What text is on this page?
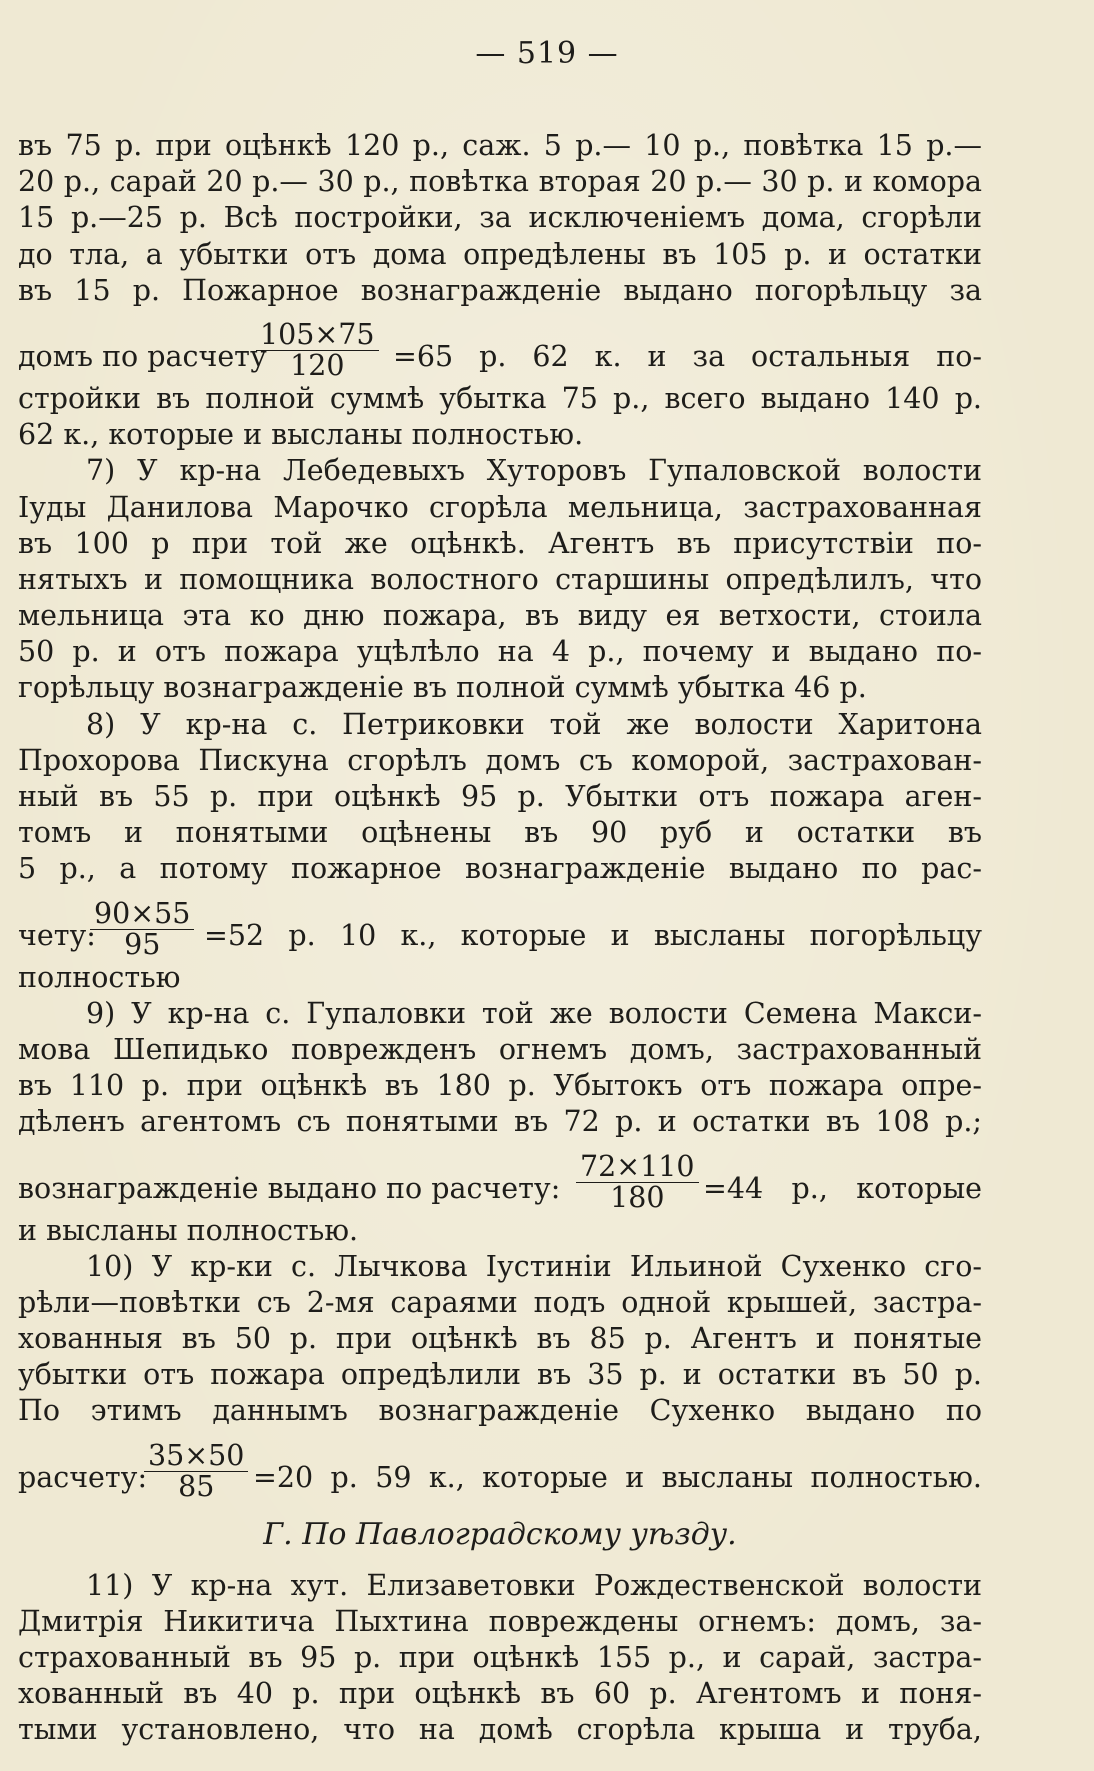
— 519 —
въ 75 р. при оцѣнкѣ 120 р., саж. 5 р.— 10 р., повѣтка 15 р.—
20 р., сарай 20 р.— 30 р., повѣтка вторая 20 р.— 30 р. и комора
15 р.—25 р. Всѣ постройки, за исключеніемъ дома, сгорѣли
до тла, а убытки отъ дома опредѣлены въ 105 р. и остатки
въ 15 р. Пожарное вознагражденіе выдано погорѣльцу за
домъ по расчету
$\frac{105\times 75}{120} =65$ р. 62 к. и за остальныя по-
стройки въ полной суммѣ убытка 75 р., всего выдано 140 р.
62 к., которые и высланы полностью.
7) У кр-на Лебедевыхъ Хуторовъ Гупаловской волости
Іуды Данилова Марочко сгорѣла мельница, застрахованная
въ 100 р при той же оцѣнкѣ. Агентъ въ присутствіи по-
нятыхъ и помощника волостного старшины опредѣлилъ, что
мельница эта ко дню пожара, въ виду ея ветхости, стоила
50 р. и отъ пожара уцѣлѣло на 4 р., почему и выдано по-
горѣльцу вознагражденіе въ полной суммѣ убытка 46 р.
8) У кр-на с. Петриковки той же волости Харитона
Прохорова Пискуна сгорѣлъ домъ съ коморой, застрахован-
ный въ 55 р. при оцѣнкѣ 95 р. Убытки отъ пожара аген-
томъ и понятыми оцѣнены въ 90 руб и остатки въ
5 р., а потому пожарное вознагражденіе выдано по рас-
чету:
$\frac{90\times 55}{95} =52$ р. 10 к., которые и высланы погорѣльцу
полностью
9) У кр-на с. Гупаловки той же волости Семена Макси-
мова Шепидько поврежденъ огнемъ домъ, застрахованный
въ 110 р. при оцѣнкѣ въ 180 р. Убытокъ отъ пожара опре-
дѣленъ агентомъ съ понятыми въ 72 р. и остатки въ 108 р.;
вознагражденіе выдано по расчету: $\frac{72\times 110}{180} =44$ р., которые
и высланы полностью.
10) У кр-ки с. Лычкова Іустиніи Ильиной Сухенко сго-
рѣли—повѣтки съ 2-мя сараями подъ одной крышей, застра-
хованныя въ 50 р. при оцѣнкѣ въ 85 р. Агентъ и понятые
убытки отъ пожара опредѣлили въ 35 р. и остатки въ 50 р.
По этимъ даннымъ вознагражденіе Сухенко выдано по
расчету:
$\frac{35\times 50}{85} =20$ р. 59 к., которые и высланы полностью.
Г. По Павлоградскому уѣзду.
11) У кр-на хут. Елизаветовки Рождественской волости
Дмитрія Никитича Пыхтина повреждены огнемъ: домъ, за-
страхованный въ 95 р. при оцѣнкѣ 155 р., и сарай, застра-
хованный въ 40 р. при оцѣнкѣ въ 60 р. Агентомъ и поня-
тыми установлено, что на домѣ сгорѣла крыша и труба,
